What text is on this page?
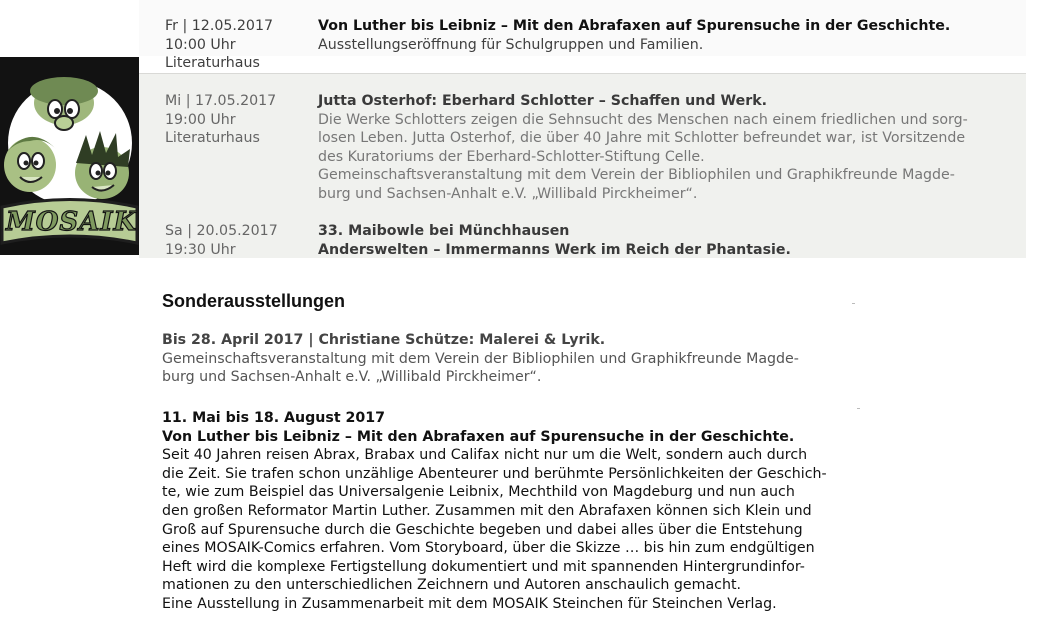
Fr | 12.05.2017
10:00 Uhr
Literaturhaus
Von Luther bis Leibniz – Mit den Abrafaxen auf Spurensuche in der Geschichte.
Ausstellungseröffnung für Schulgruppen und Familien.
Mi | 17.05.2017
19:00 Uhr
Literaturhaus
Jutta Osterhof: Eberhard Schlotter – Schaffen und Werk.
Die Werke Schlotters zeigen die Sehnsucht des Menschen nach einem friedlichen und sorg-
losen Leben. Jutta Osterhof, die über 40 Jahre mit Schlotter befreundet war, ist Vorsitzende
des Kuratoriums der Eberhard-Schlotter-Stiftung Celle.
Gemeinschaftsveranstaltung mit dem Verein der Bibliophilen und Graphikfreunde Magde-
burg und Sachsen-Anhalt e.V. „Willibald Pirckheimer“.
Sa | 20.05.2017
19:30 Uhr
33. Maibowle bei Münchhausen
Anderswelten – Immermanns Werk im Reich der Phantasie.
MOSAIK
Sonderausstellungen
Bis 28. April 2017 | Christiane Schütze: Malerei & Lyrik.
Gemeinschaftsveranstaltung mit dem Verein der Bibliophilen und Graphikfreunde Magde-
burg und Sachsen-Anhalt e.V. „Willibald Pirckheimer“.
11. Mai bis 18. August 2017
Von Luther bis Leibniz – Mit den Abrafaxen auf Spurensuche in der Geschichte.
Seit 40 Jahren reisen Abrax, Brabax und Califax nicht nur um die Welt, sondern auch durch
die Zeit. Sie trafen schon unzählige Abenteurer und berühmte Persönlichkeiten der Geschich-
te, wie zum Beispiel das Universalgenie Leibnix, Mechthild von Magdeburg und nun auch
den großen Reformator Martin Luther. Zusammen mit den Abrafaxen können sich Klein und
Groß auf Spurensuche durch die Geschichte begeben und dabei alles über die Entstehung
eines MOSAIK-Comics erfahren. Vom Storyboard, über die Skizze … bis hin zum endgültigen
Heft wird die komplexe Fertigstellung dokumentiert und mit spannenden Hintergrundinfor-
mationen zu den unterschiedlichen Zeichnern und Autoren anschaulich gemacht.
Eine Ausstellung in Zusammenarbeit mit dem MOSAIK Steinchen für Steinchen Verlag.
